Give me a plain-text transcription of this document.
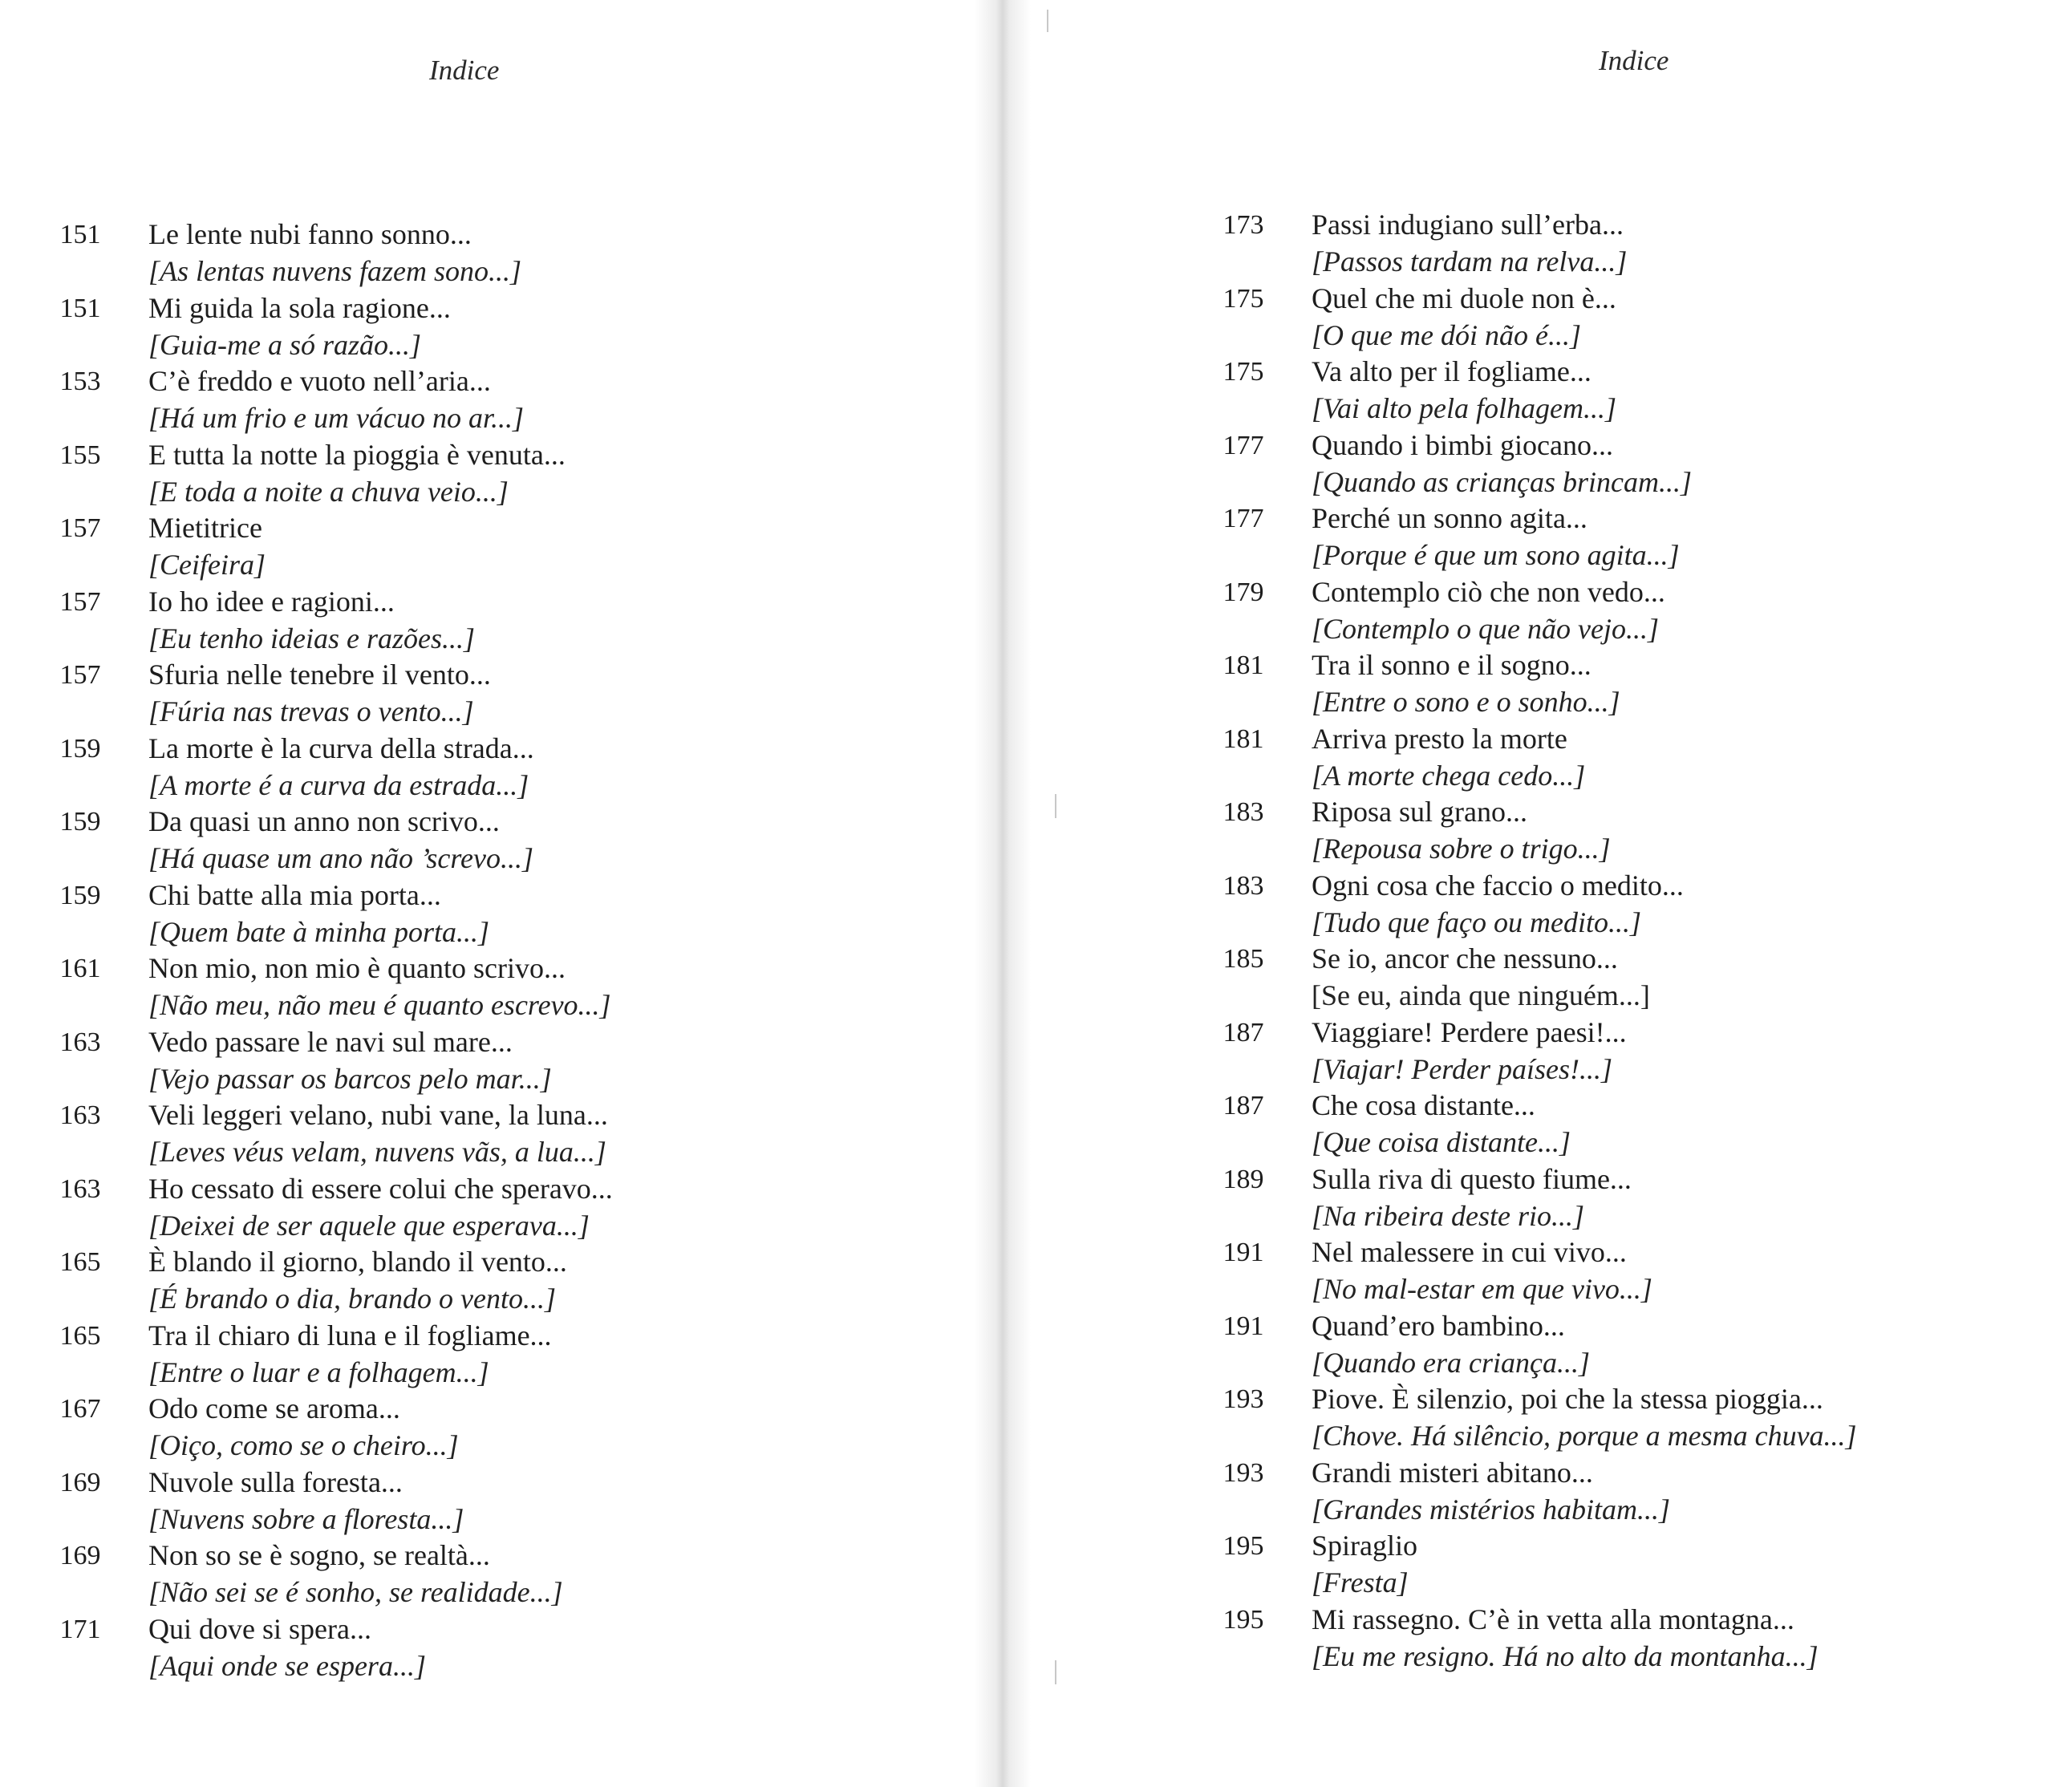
Indice
151	Le lente nubi fanno sonno...
[As lentas nuvens fazem sono...]
151	Mi guida la sola ragione...
[Guia-me a só razão...]
153	C’è freddo e vuoto nell’aria...
[Há um frio e um vácuo no ar...]
155	E tutta la notte la pioggia è venuta...
[E toda a noite a chuva veio...]
157	Mietitrice
[Ceifeira]
157	Io ho idee e ragioni...
[Eu tenho ideias e razões...]
157	Sfuria nelle tenebre il vento...
[Fúria nas trevas o vento...]
159	La morte è la curva della strada...
[A morte é a curva da estrada...]
159	Da quasi un anno non scrivo...
[Há quase um ano não ’screvo...]
159	Chi batte alla mia porta...
[Quem bate à minha porta...]
161	Non mio, non mio è quanto scrivo...
[Não meu, não meu é quanto escrevo...]
163	Vedo passare le navi sul mare...
[Vejo passar os barcos pelo mar...]
163	Veli leggeri velano, nubi vane, la luna...
[Leves véus velam, nuvens vãs, a lua...]
163	Ho cessato di essere colui che speravo...
[Deixei de ser aquele que esperava...]
165	È blando il giorno, blando il vento...
[É brando o dia, brando o vento...]
165	Tra il chiaro di luna e il fogliame...
[Entre o luar e a folhagem...]
167	Odo come se aroma...
[Oiço, como se o cheiro...]
169	Nuvole sulla foresta...
[Nuvens sobre a floresta...]
169	Non so se è sogno, se realtà...
[Não sei se é sonho, se realidade...]
171	Qui dove si spera...
[Aqui onde se espera...]
Indice
173	Passi indugiano sull’erba...
[Passos tardam na relva...]
175	Quel che mi duole non è...
[O que me dói não é...]
175	Va alto per il fogliame...
[Vai alto pela folhagem...]
177	Quando i bimbi giocano...
[Quando as crianças brincam...]
177	Perché un sonno agita...
[Porque é que um sono agita...]
179	Contemplo ciò che non vedo...
[Contemplo o que não vejo...]
181	Tra il sonno e il sogno...
[Entre o sono e o sonho...]
181	Arriva presto la morte
[A morte chega cedo...]
183	Riposa sul grano...
[Repousa sobre o trigo...]
183	Ogni cosa che faccio o medito...
[Tudo que faço ou medito...]
185	Se io, ancor che nessuno...
[Se eu, ainda que ninguém...]
187	Viaggiare! Perdere paesi!...
[Viajar! Perder países!...]
187	Che cosa distante...
[Que coisa distante...]
189	Sulla riva di questo fiume...
[Na ribeira deste rio...]
191	Nel malessere in cui vivo...
[No mal-estar em que vivo...]
191	Quand’ero bambino...
[Quando era criança...]
193	Piove. È silenzio, poi che la stessa pioggia...
[Chove. Há silêncio, porque a mesma chuva...]
193	Grandi misteri abitano...
[Grandes mistérios habitam...]
195	Spiraglio
[Fresta]
195	Mi rassegno. C’è in vetta alla montagna...
[Eu me resigno. Há no alto da montanha...]
